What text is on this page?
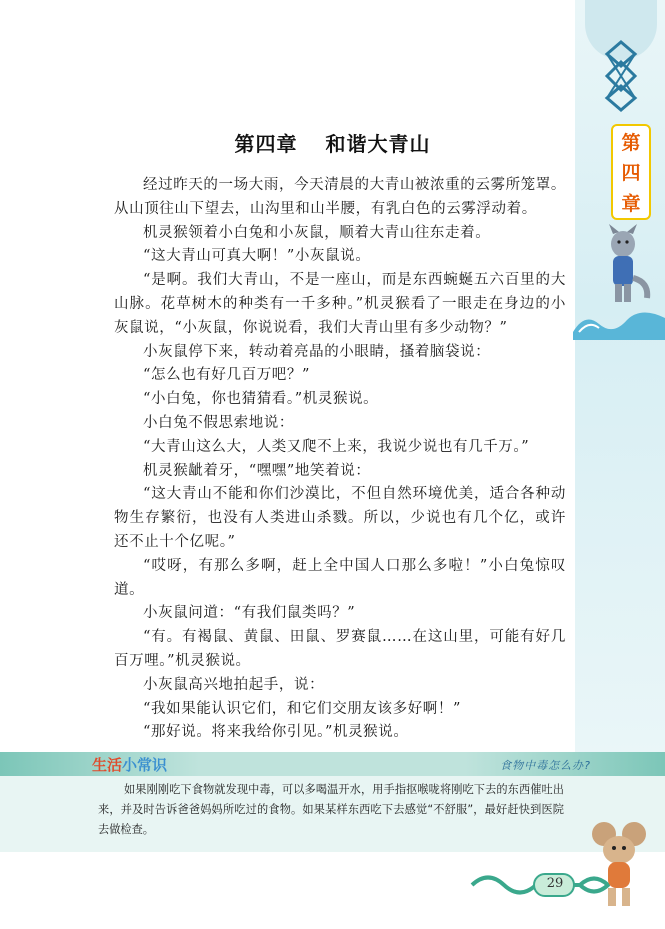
第
四
章
第四章 和谐大青山

经过昨天的一场大雨，今天清晨的大青山被浓重的云雾所笼罩。从山顶往山下望去，山沟里和山半腰，有乳白色的云雾浮动着。

机灵猴领着小白兔和小灰鼠，顺着大青山往东走着。

“这大青山可真大啊！”小灰鼠说。

“是啊。我们大青山，不是一座山，而是东西蜿蜒五六百里的大山脉。花草树木的种类有一千多种。”机灵猴看了一眼走在身边的小灰鼠说，“小灰鼠，你说说看，我们大青山里有多少动物？”

小灰鼠停下来，转动着亮晶的小眼睛，搔着脑袋说：

“怎么也有好几百万吧？”

“小白兔，你也猜猜看。”机灵猴说。

小白兔不假思索地说：

“大青山这么大，人类又爬不上来，我说少说也有几千万。”

机灵猴龇着牙，“嘿嘿”地笑着说：

“这大青山不能和你们沙漠比，不但自然环境优美，适合各种动物生存繁衍，也没有人类进山杀戮。所以，少说也有几个亿，或许还不止十个亿呢。”

“哎呀，有那么多啊，赶上全中国人口那么多啦！”小白兔惊叹道。

小灰鼠问道：“有我们鼠类吗？”

“有。有褐鼠、黄鼠、田鼠、罗赛鼠……在这山里，可能有好几百万哩。”机灵猴说。

小灰鼠高兴地拍起手，说：

“我如果能认识它们，和它们交朋友该多好啊！”

“那好说。将来我给你引见。”机灵猴说。

生活小常识	食物中毒怎么办?
如果刚刚吃下食物就发现中毒，可以多喝温开水，用手指抠喉咙将刚吃下去的东西催吐出来，并及时告诉爸爸妈妈所吃过的食物。如果某样东西吃下去感觉“不舒服”，最好赶快到医院去做检查。
29
